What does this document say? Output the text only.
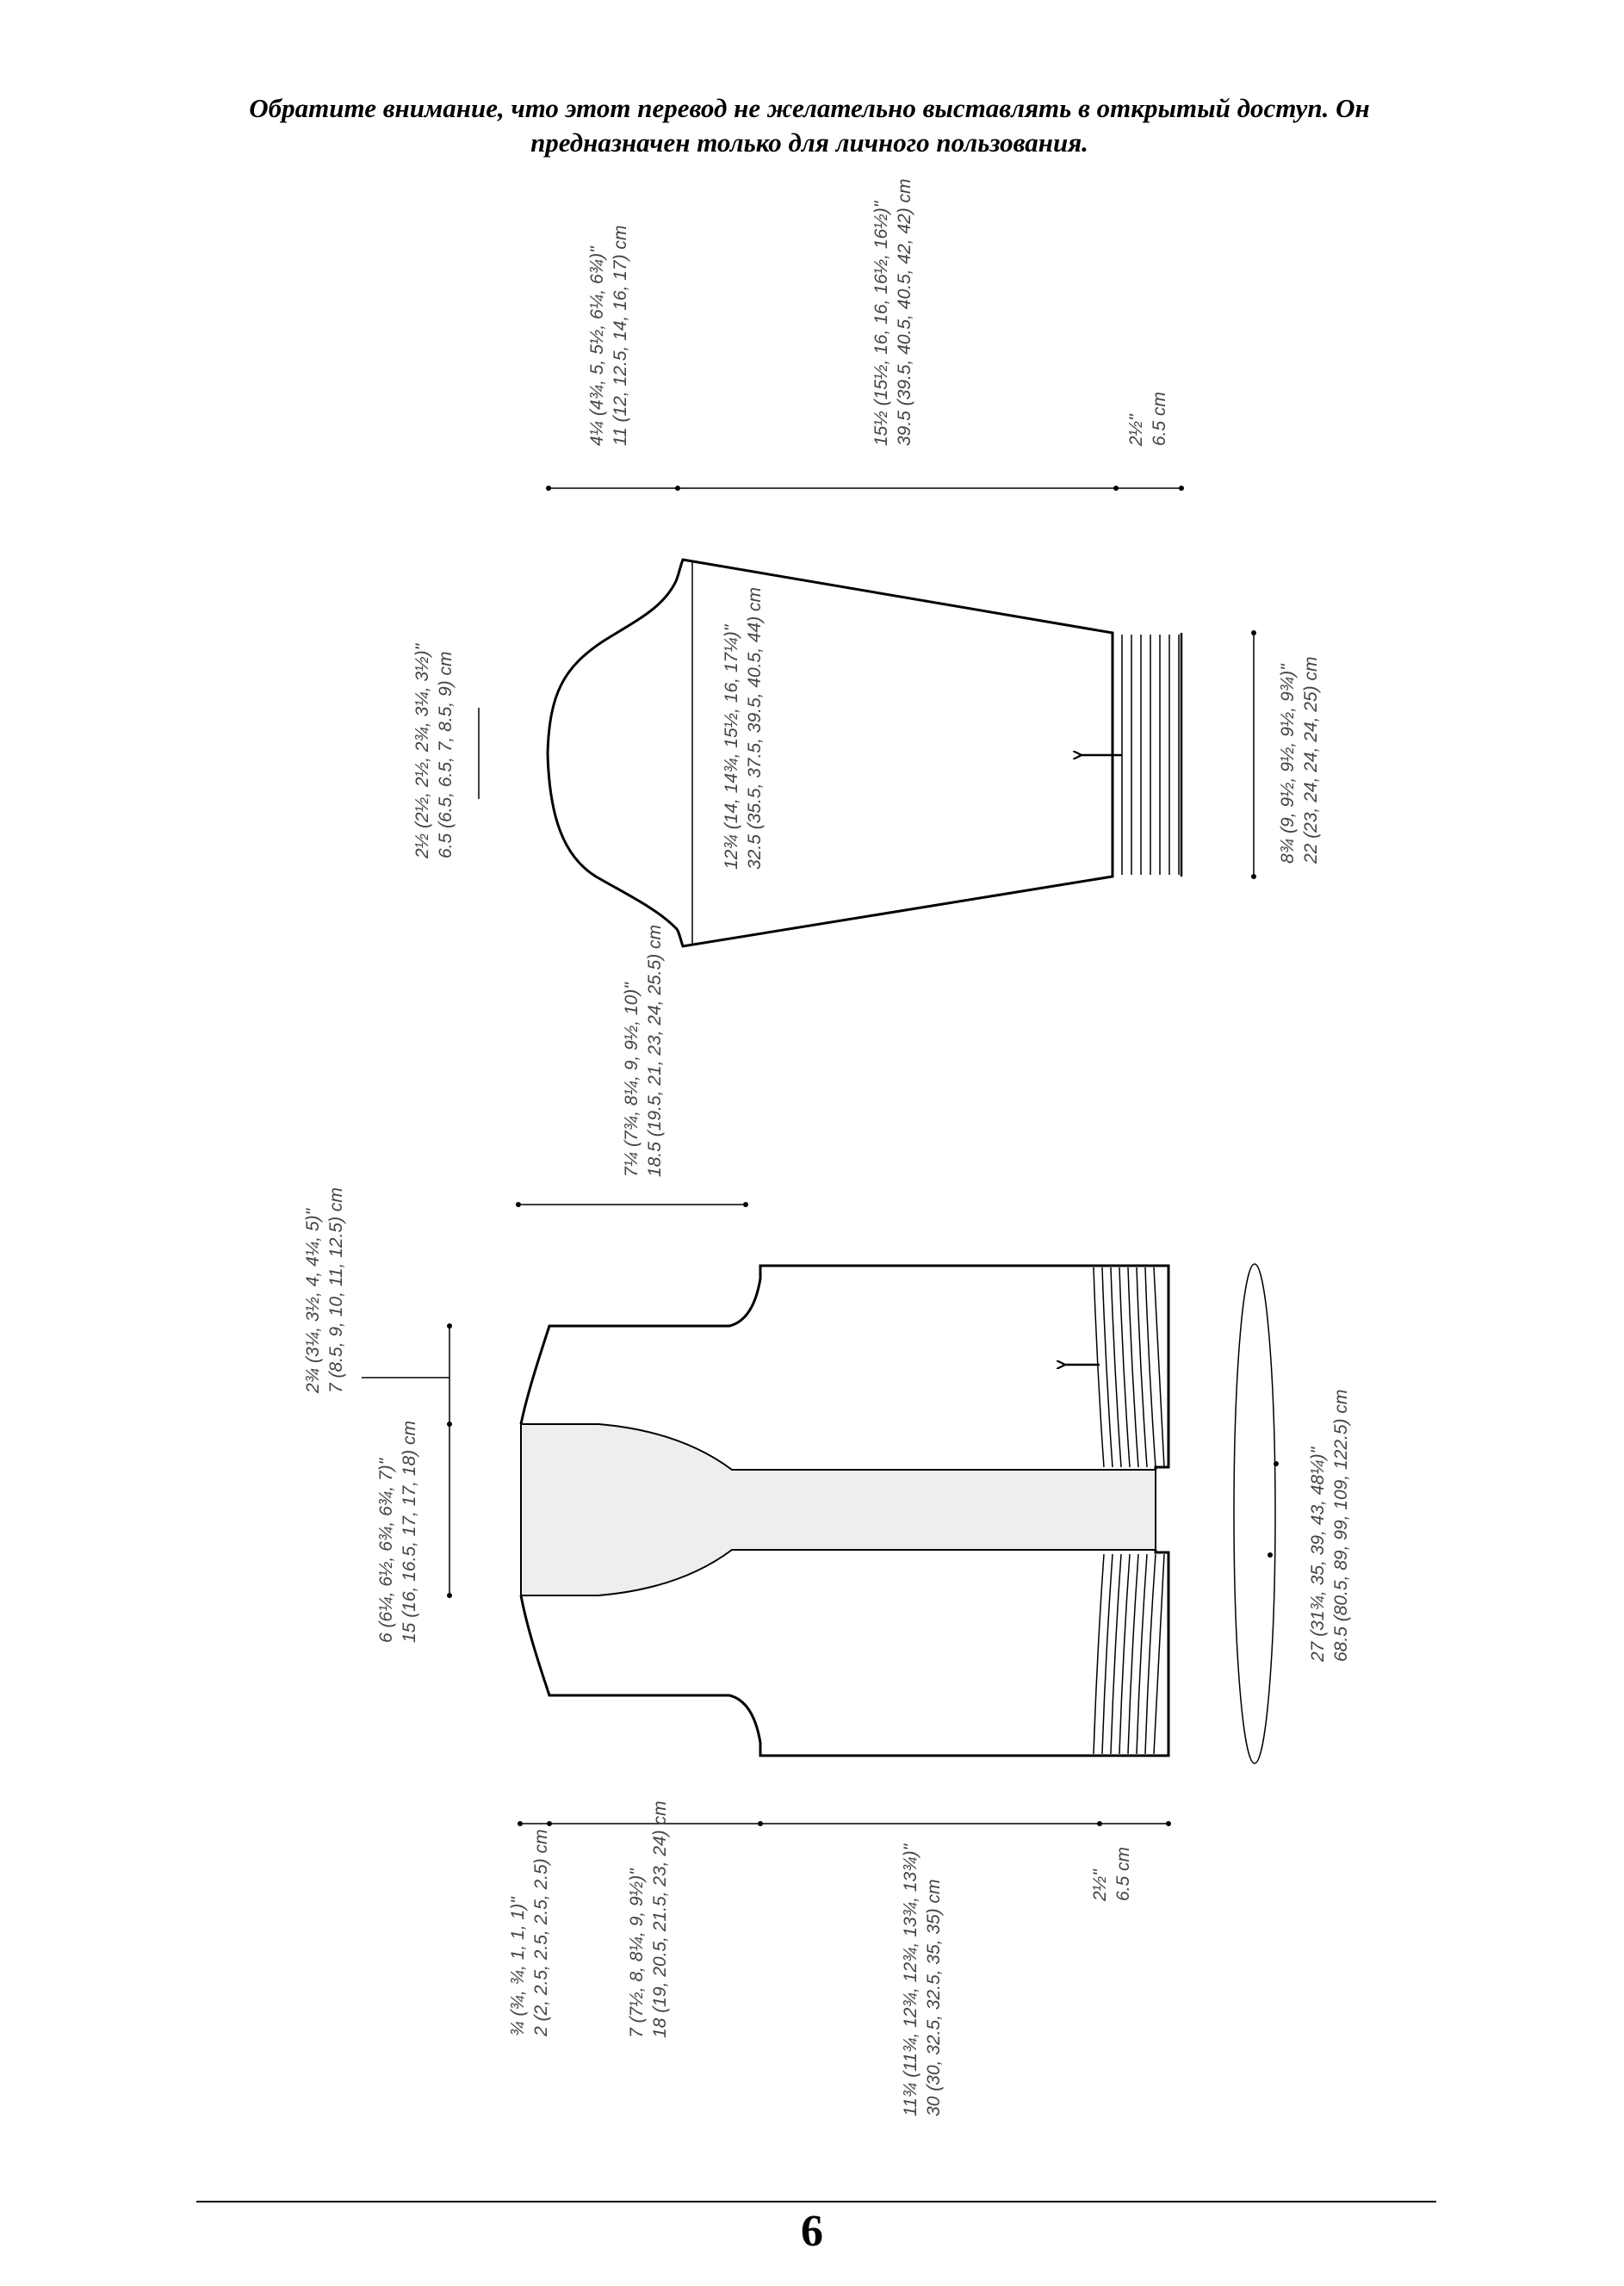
Обратите внимание, что этот перевод не желательно выставлять в открытый доступ. Он
предназначен только для личного пользования.
4¼ (4¾, 5, 5½, 6¼, 6¾)" 11 (12, 12.5, 14, 16, 17) cm	15½ (15½, 16, 16, 16½, 16½)" 39.5 (39.5, 40.5, 40.5, 42, 42) cm	2½" 6.5 cm
2½ (2½, 2½, 2¾, 3¼, 3½)" 6.5 (6.5, 6.5, 7, 8.5, 9) cm	12¾ (14, 14¾, 15½, 16, 17¼)" 32.5 (35.5, 37.5, 39.5, 40.5, 44) cm	8¾ (9, 9½, 9½, 9½, 9¾)" 22 (23, 24, 24, 24, 25) cm
7¼ (7¾, 8¼, 9, 9½, 10)" 18.5 (19.5, 21, 23, 24, 25.5) cm
2¾ (3¼, 3½, 4, 4¼, 5)" 7 (8.5, 9, 10, 11, 12.5) cm
6 (6¼, 6½, 6¾, 6¾, 7)" 15 (16, 16.5, 17, 17, 18) cm	27 (31¾, 35, 39, 43, 48¼)" 68.5 (80.5, 89, 99, 109, 122.5) cm
¾ (¾, ¾, 1, 1, 1)" 2 (2, 2.5, 2.5, 2.5, 2.5) cm	7 (7½, 8, 8¼, 9, 9½)" 18 (19, 20.5, 21.5, 23, 24) cm	11¾ (11¾, 12¾, 12¾, 13¾, 13¾)" 30 (30, 32.5, 32.5, 35, 35) cm	2½" 6.5 cm
6
